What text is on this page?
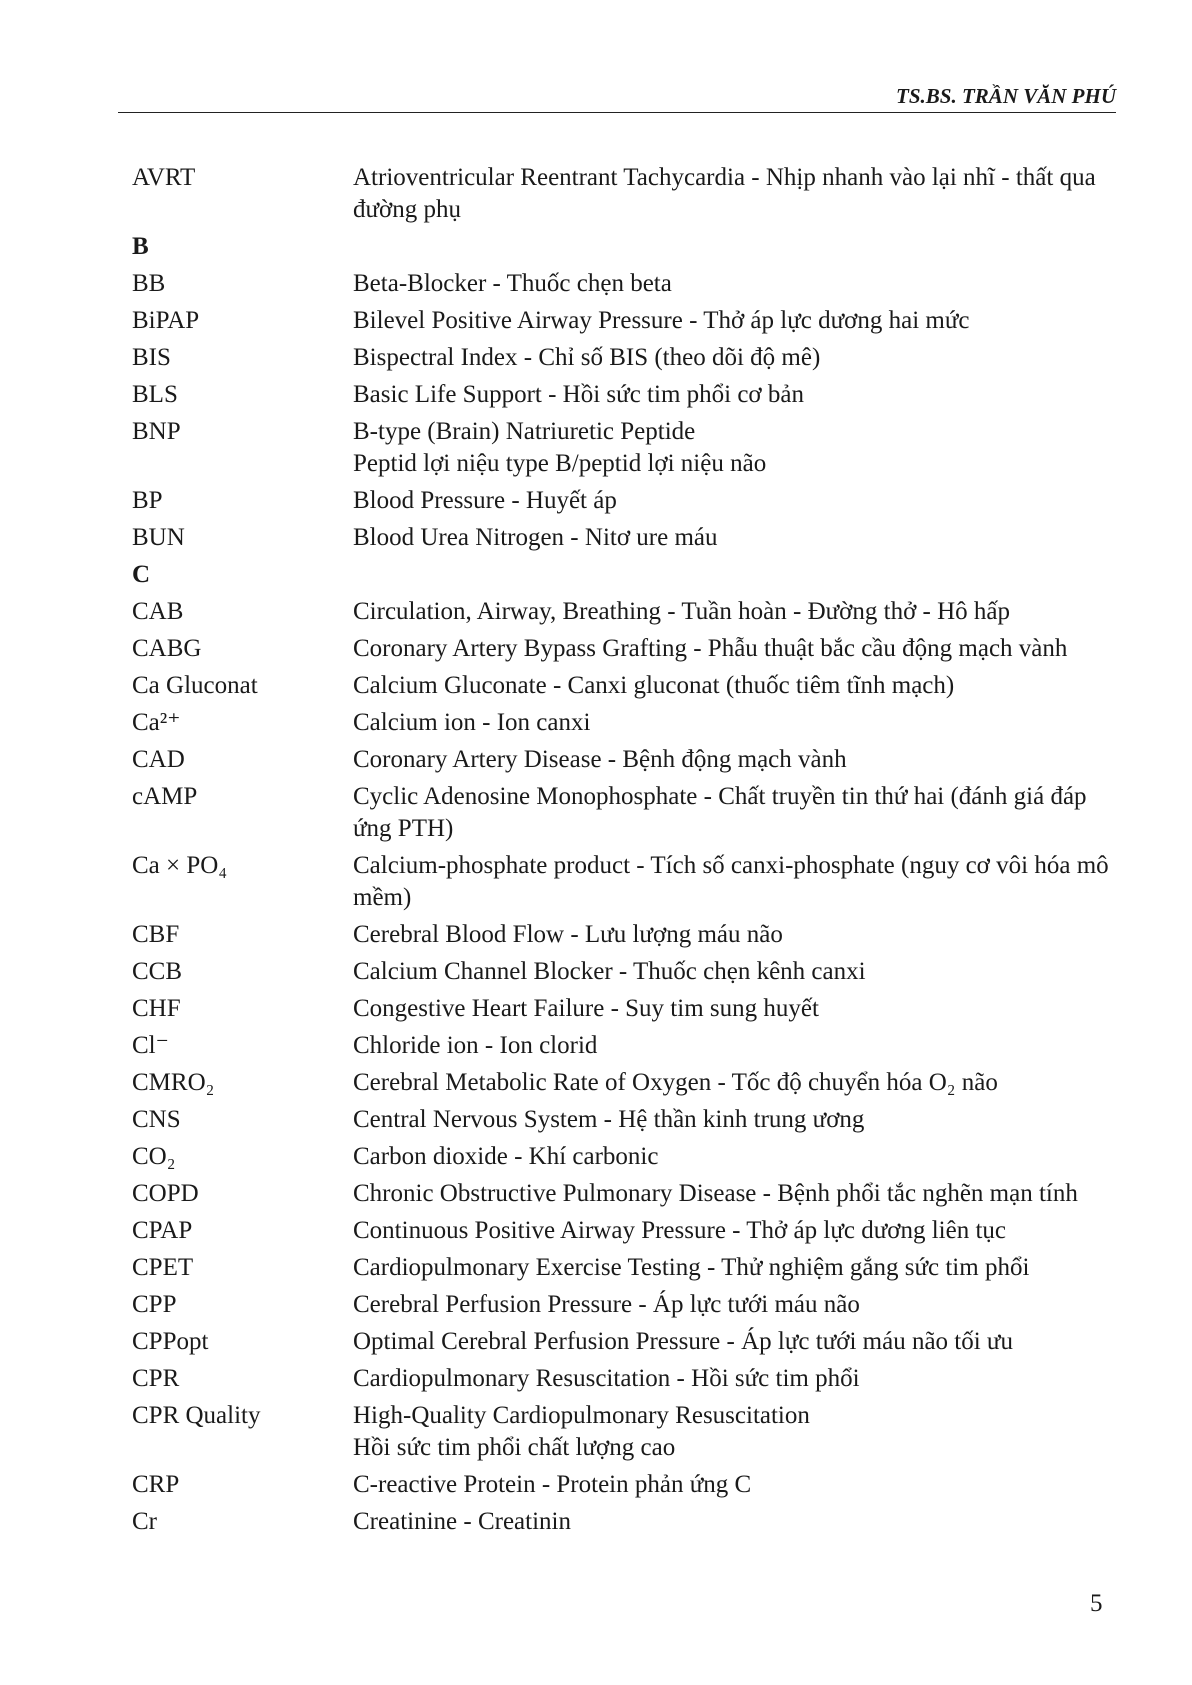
TS.BS. TRẦN VĂN PHÚ
AVRT	Atrioventricular Reentrant Tachycardia - Nhịp nhanh vào lại nhĩ - thất qua đường phụ
B
BB	Beta-Blocker - Thuốc chẹn beta
BiPAP	Bilevel Positive Airway Pressure - Thở áp lực dương hai mức
BIS	Bispectral Index - Chỉ số BIS (theo dõi độ mê)
BLS	Basic Life Support - Hồi sức tim phổi cơ bản
BNP	B-type (Brain) Natriuretic Peptide
Peptid lợi niệu type B/peptid lợi niệu não
BP	Blood Pressure - Huyết áp
BUN	Blood Urea Nitrogen - Nitơ ure máu
C
CAB	Circulation, Airway, Breathing - Tuần hoàn - Đường thở - Hô hấp
CABG	Coronary Artery Bypass Grafting - Phẫu thuật bắc cầu động mạch vành
Ca Gluconat	Calcium Gluconate - Canxi gluconat (thuốc tiêm tĩnh mạch)
Ca²⁺	Calcium ion - Ion canxi
CAD	Coronary Artery Disease - Bệnh động mạch vành
cAMP	Cyclic Adenosine Monophosphate - Chất truyền tin thứ hai (đánh giá đáp ứng PTH)
Ca × PO₄	Calcium-phosphate product - Tích số canxi-phosphate (nguy cơ vôi hóa mô mềm)
CBF	Cerebral Blood Flow - Lưu lượng máu não
CCB	Calcium Channel Blocker - Thuốc chẹn kênh canxi
CHF	Congestive Heart Failure - Suy tim sung huyết
Cl⁻	Chloride ion - Ion clorid
CMRO₂	Cerebral Metabolic Rate of Oxygen - Tốc độ chuyển hóa O₂ não
CNS	Central Nervous System - Hệ thần kinh trung ương
CO₂	Carbon dioxide - Khí carbonic
COPD	Chronic Obstructive Pulmonary Disease - Bệnh phổi tắc nghẽn mạn tính
CPAP	Continuous Positive Airway Pressure - Thở áp lực dương liên tục
CPET	Cardiopulmonary Exercise Testing - Thử nghiệm gắng sức tim phổi
CPP	Cerebral Perfusion Pressure - Áp lực tưới máu não
CPPopt	Optimal Cerebral Perfusion Pressure - Áp lực tưới máu não tối ưu
CPR	Cardiopulmonary Resuscitation - Hồi sức tim phổi
CPR Quality	High-Quality Cardiopulmonary Resuscitation
Hồi sức tim phổi chất lượng cao
CRP	C-reactive Protein - Protein phản ứng C
Cr	Creatinine - Creatinin
5
